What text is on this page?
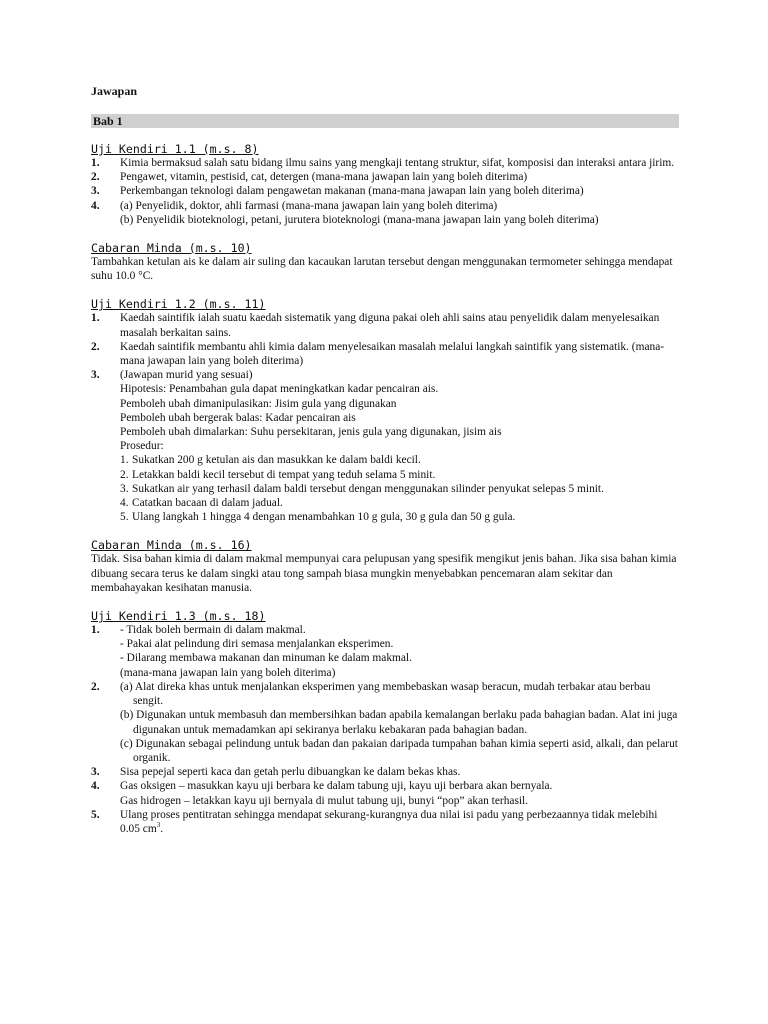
Jawapan
Bab 1

Uji Kendiri 1.1 (m.s. 8)

1.	Kimia bermaksud salah satu bidang ilmu sains yang mengkaji tentang struktur, sifat, komposisi dan interaksi antara jirim.
2.	Pengawet, vitamin, pestisid, cat, detergen (mana-mana jawapan lain yang boleh diterima)
3.	Perkembangan teknologi dalam pengawetan makanan (mana-mana jawapan lain yang boleh diterima)
4.	(a) Penyelidik, doktor, ahli farmasi (mana-mana jawapan lain yang boleh diterima)

(b) Penyelidik bioteknologi, petani, jurutera bioteknologi (mana-mana jawapan lain yang boleh diterima)

Cabaran Minda (m.s. 10)

Tambahkan ketulan ais ke dalam air suling dan kacaukan larutan tersebut dengan menggunakan termometer sehingga mendapat suhu 10.0 °C.

Uji Kendiri 1.2 (m.s. 11)

1.	Kaedah saintifik ialah suatu kaedah sistematik yang diguna pakai oleh ahli sains atau penyelidik dalam menyelesaikan masalah berkaitan sains.
2.	Kaedah saintifik membantu ahli kimia dalam menyelesaikan masalah melalui langkah saintifik yang sistematik. (mana-mana jawapan lain yang boleh diterima)
3.	(Jawapan murid yang sesuai)

Hipotesis: Penambahan gula dapat meningkatkan kadar pencairan ais.

Pemboleh ubah dimanipulasikan: Jisim gula yang digunakan

Pemboleh ubah bergerak balas: Kadar pencairan ais

Pemboleh ubah dimalarkan: Suhu persekitaran, jenis gula yang digunakan, jisim ais

Prosedur:

1. Sukatkan 200 g ketulan ais dan masukkan ke dalam baldi kecil.
2. Letakkan baldi kecil tersebut di tempat yang teduh selama 5 minit.
3. Sukatkan air yang terhasil dalam baldi tersebut dengan menggunakan silinder penyukat selepas 5 minit.
4. Catatkan bacaan di dalam jadual.
5. Ulang langkah 1 hingga 4 dengan menambahkan 10 g gula, 30 g gula dan 50 g gula.

Cabaran Minda (m.s. 16)

Tidak. Sisa bahan kimia di dalam makmal mempunyai cara pelupusan yang spesifik mengikut jenis bahan. Jika sisa bahan kimia dibuang secara terus ke dalam singki atau tong sampah biasa mungkin menyebabkan pencemaran alam sekitar dan membahayakan kesihatan manusia.

Uji Kendiri 1.3 (m.s. 18)

1.	- Tidak boleh bermain di dalam makmal.

- Pakai alat pelindung diri semasa menjalankan eksperimen.

- Dilarang membawa makanan dan minuman ke dalam makmal.

(mana-mana jawapan lain yang boleh diterima)

2.	(a) Alat direka khas untuk menjalankan eksperimen yang membebaskan wasap beracun, mudah terbakar atau berbau sengit.

(b) Digunakan untuk membasuh dan membersihkan badan apabila kemalangan berlaku pada bahagian badan. Alat ini juga digunakan untuk memadamkan api sekiranya berlaku kebakaran pada bahagian badan.

(c) Digunakan sebagai pelindung untuk badan dan pakaian daripada tumpahan bahan kimia seperti asid, alkali, dan pelarut organik.

3.	Sisa pepejal seperti kaca dan getah perlu dibuangkan ke dalam bekas khas.
4.	Gas oksigen – masukkan kayu uji berbara ke dalam tabung uji, kayu uji berbara akan bernyala.

Gas hidrogen – letakkan kayu uji bernyala di mulut tabung uji, bunyi “pop” akan terhasil.

5.	Ulang proses pentitratan sehingga mendapat sekurang-kurangnya dua nilai isi padu yang perbezaannya tidak melebihi 0.05 $cm^3$.
